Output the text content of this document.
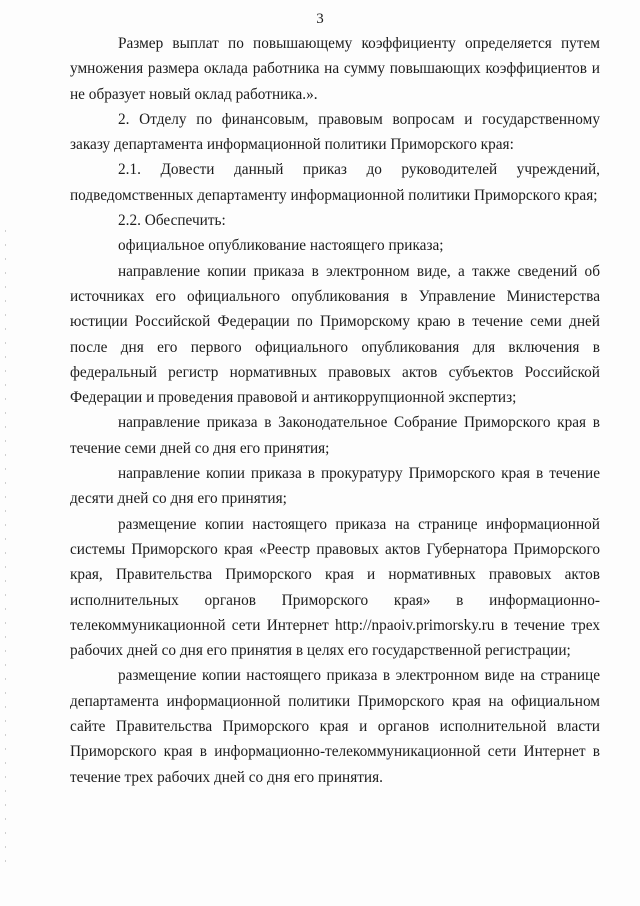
3

Размер выплат по повышающему коэффициенту определяется путем умножения размера оклада работника на сумму повышающих коэффициентов и не образует новый оклад работника.».

2. Отделу по финансовым, правовым вопросам и государственному заказу департамента информационной политики Приморского края:

2.1. Довести данный приказ до руководителей учреждений, подведомственных департаменту информационной политики Приморского края;

2.2. Обеспечить:

официальное опубликование настоящего приказа;

направление копии приказа в электронном виде, а также сведений об источниках его официального опубликования в Управление Министерства юстиции Российской Федерации по Приморскому краю в течение семи дней после дня его первого официального опубликования для включения в федеральный регистр нормативных правовых актов субъектов Российской Федерации и проведения правовой и антикоррупционной экспертиз;

направление приказа в Законодательное Собрание Приморского края в течение семи дней со дня его принятия;

направление копии приказа в прокуратуру Приморского края в течение десяти дней со дня его принятия;

размещение копии настоящего приказа на странице информационной системы Приморского края «Реестр правовых актов Губернатора Приморского края, Правительства Приморского края и нормативных правовых актов исполнительных органов Приморского края» в информационно-телекоммуникационной сети Интернет http://npaoiv.primorsky.ru в течение трех рабочих дней со дня его принятия в целях его государственной регистрации;

размещение копии настоящего приказа в электронном виде на странице департамента информационной политики Приморского края на официальном сайте Правительства Приморского края и органов исполнительной власти Приморского края в информационно-телекоммуникационной сети Интернет в течение трех рабочих дней со дня его принятия.
